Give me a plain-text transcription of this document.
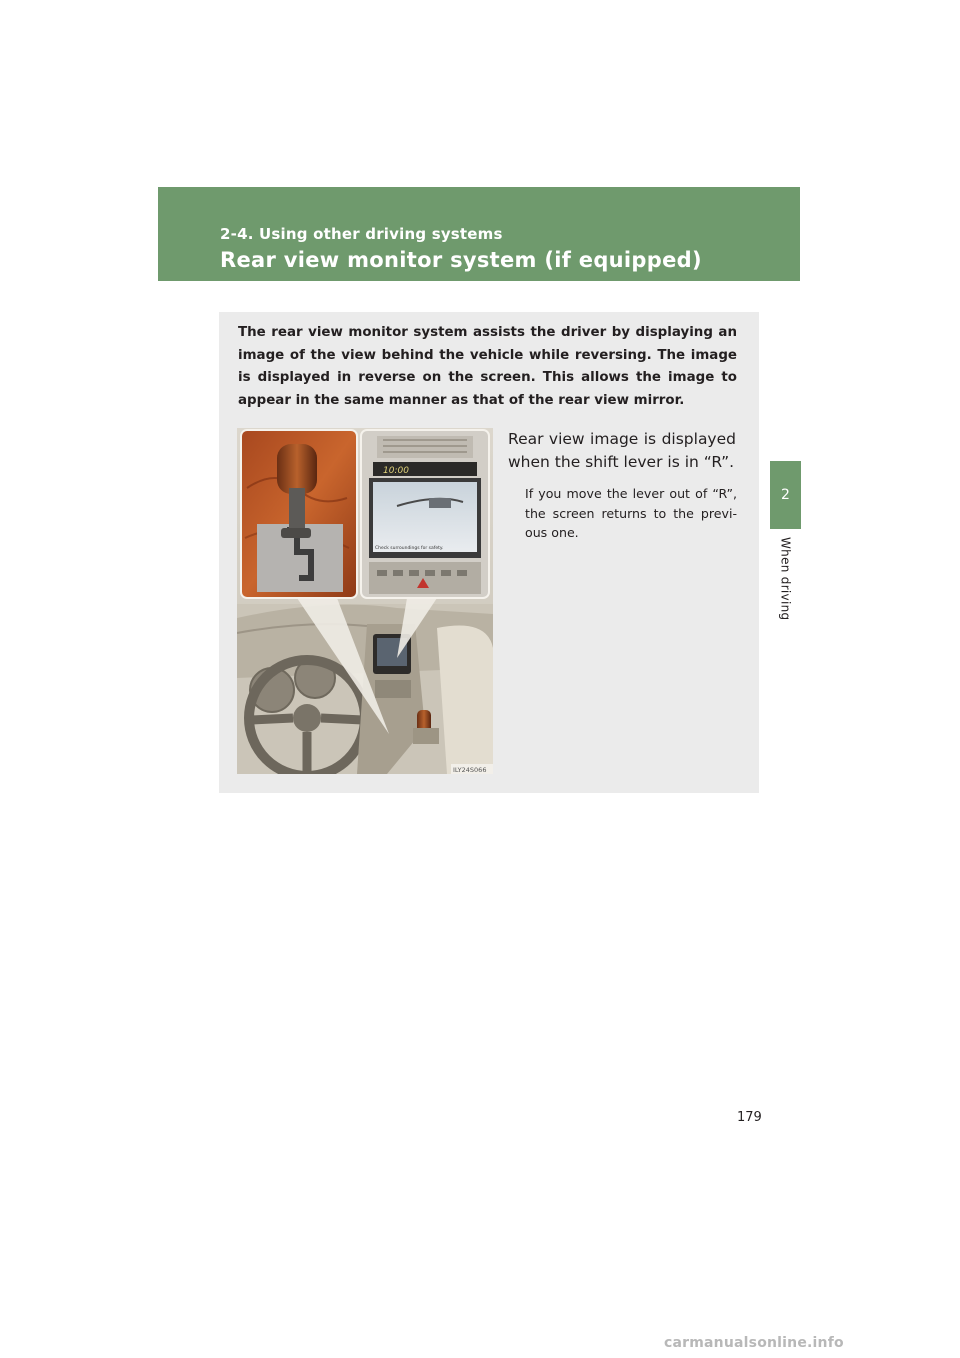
2-4. Using other driving systems
Rear view monitor system (if equipped)
2
When driving
The rear view monitor system assists the driver by displaying an image of the view behind the vehicle while reversing. The image is displayed in reverse on the screen. This allows the image to appear in the same manner as that of the rear view mirror.
10:00
Check surroundings for safety.
ILY24S066
Rear view image is displayed when the shift lever is in “R”.
If you move the lever out of “R”, the screen returns to the previ-ous one.
179
carmanualsonline.info
